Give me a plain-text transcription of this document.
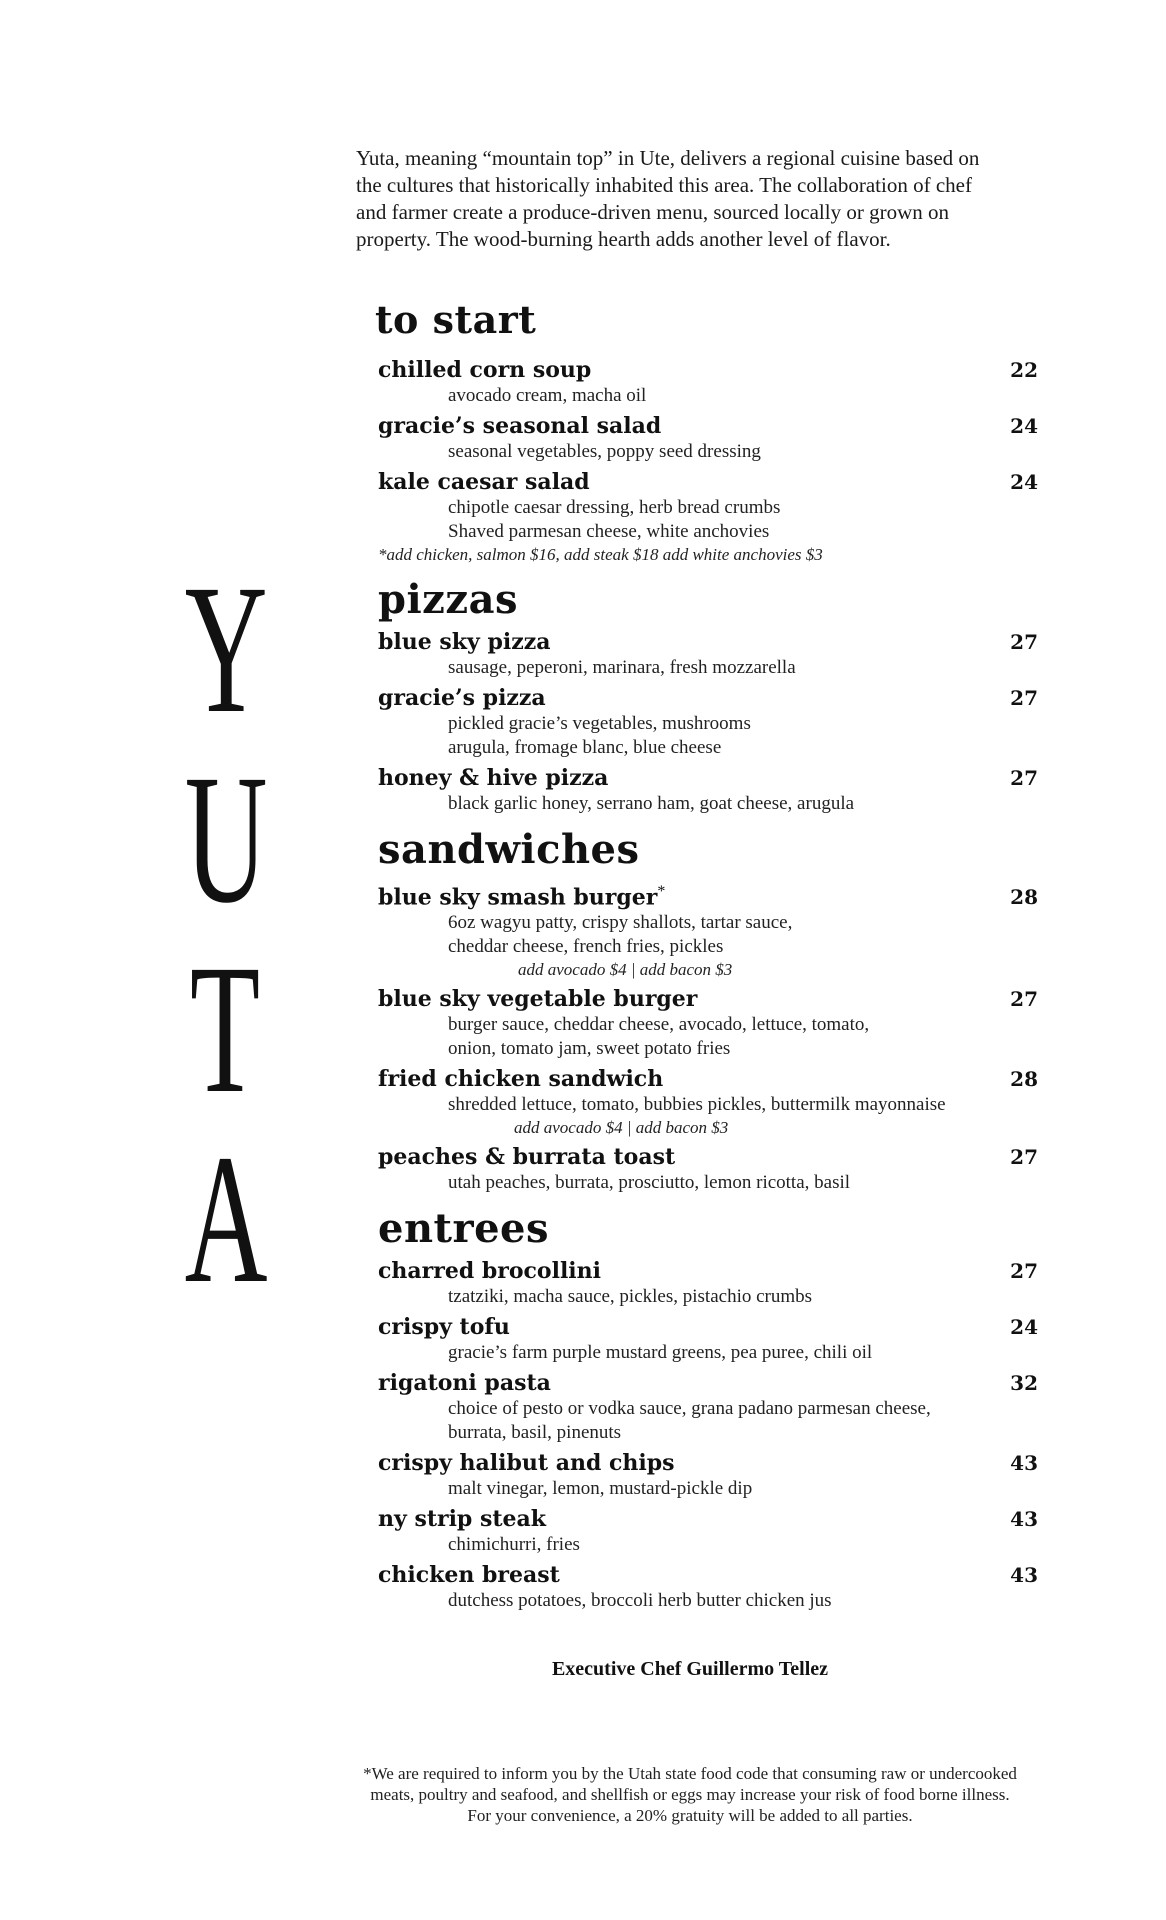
Y
U
T
A

Yuta, meaning “mountain top” in Ute, delivers a regional cuisine based on the cultures that historically inhabited this area. The collaboration of chef and farmer create a produce-driven menu, sourced locally or grown on property. The wood-burning hearth adds another level of flavor.

to start
chilled corn soup	22
avocado cream, macha oil
gracie’s seasonal salad	24
seasonal vegetables, poppy seed dressing
kale caesar salad	24
chipotle caesar dressing, herb bread crumbs
Shaved parmesan cheese, white anchovies
*add chicken, salmon $16, add steak $18 add white anchovies $3
pizzas
blue sky pizza	27
sausage, peperoni, marinara, fresh mozzarella
gracie’s pizza	27
pickled gracie’s vegetables, mushrooms
arugula, fromage blanc, blue cheese
honey & hive pizza	27
black garlic honey, serrano ham, goat cheese, arugula
sandwiches
blue sky smash burger*	28
6oz wagyu patty, crispy shallots, tartar sauce,
cheddar cheese, french fries, pickles
add avocado $4 | add bacon $3
blue sky vegetable burger	27
burger sauce, cheddar cheese, avocado, lettuce, tomato,
onion, tomato jam, sweet potato fries
fried chicken sandwich	28
shredded lettuce, tomato, bubbies pickles, buttermilk mayonnaise
add avocado $4 | add bacon $3
peaches & burrata toast	27
utah peaches, burrata, prosciutto, lemon ricotta, basil
entrees
charred brocollini	27
tzatziki, macha sauce, pickles, pistachio crumbs
crispy tofu	24
gracie’s farm purple mustard greens, pea puree, chili oil
rigatoni pasta	32
choice of pesto or vodka sauce, grana padano parmesan cheese,
burrata, basil, pinenuts
crispy halibut and chips	43
malt vinegar, lemon, mustard-pickle dip
ny strip steak	43
chimichurri, fries
chicken breast	43
dutchess potatoes, broccoli herb butter chicken jus
Executive Chef Guillermo Tellez
*We are required to inform you by the Utah state food code that consuming raw or undercooked
meats, poultry and seafood, and shellfish or eggs may increase your risk of food borne illness.
For your convenience, a 20% gratuity will be added to all parties.
